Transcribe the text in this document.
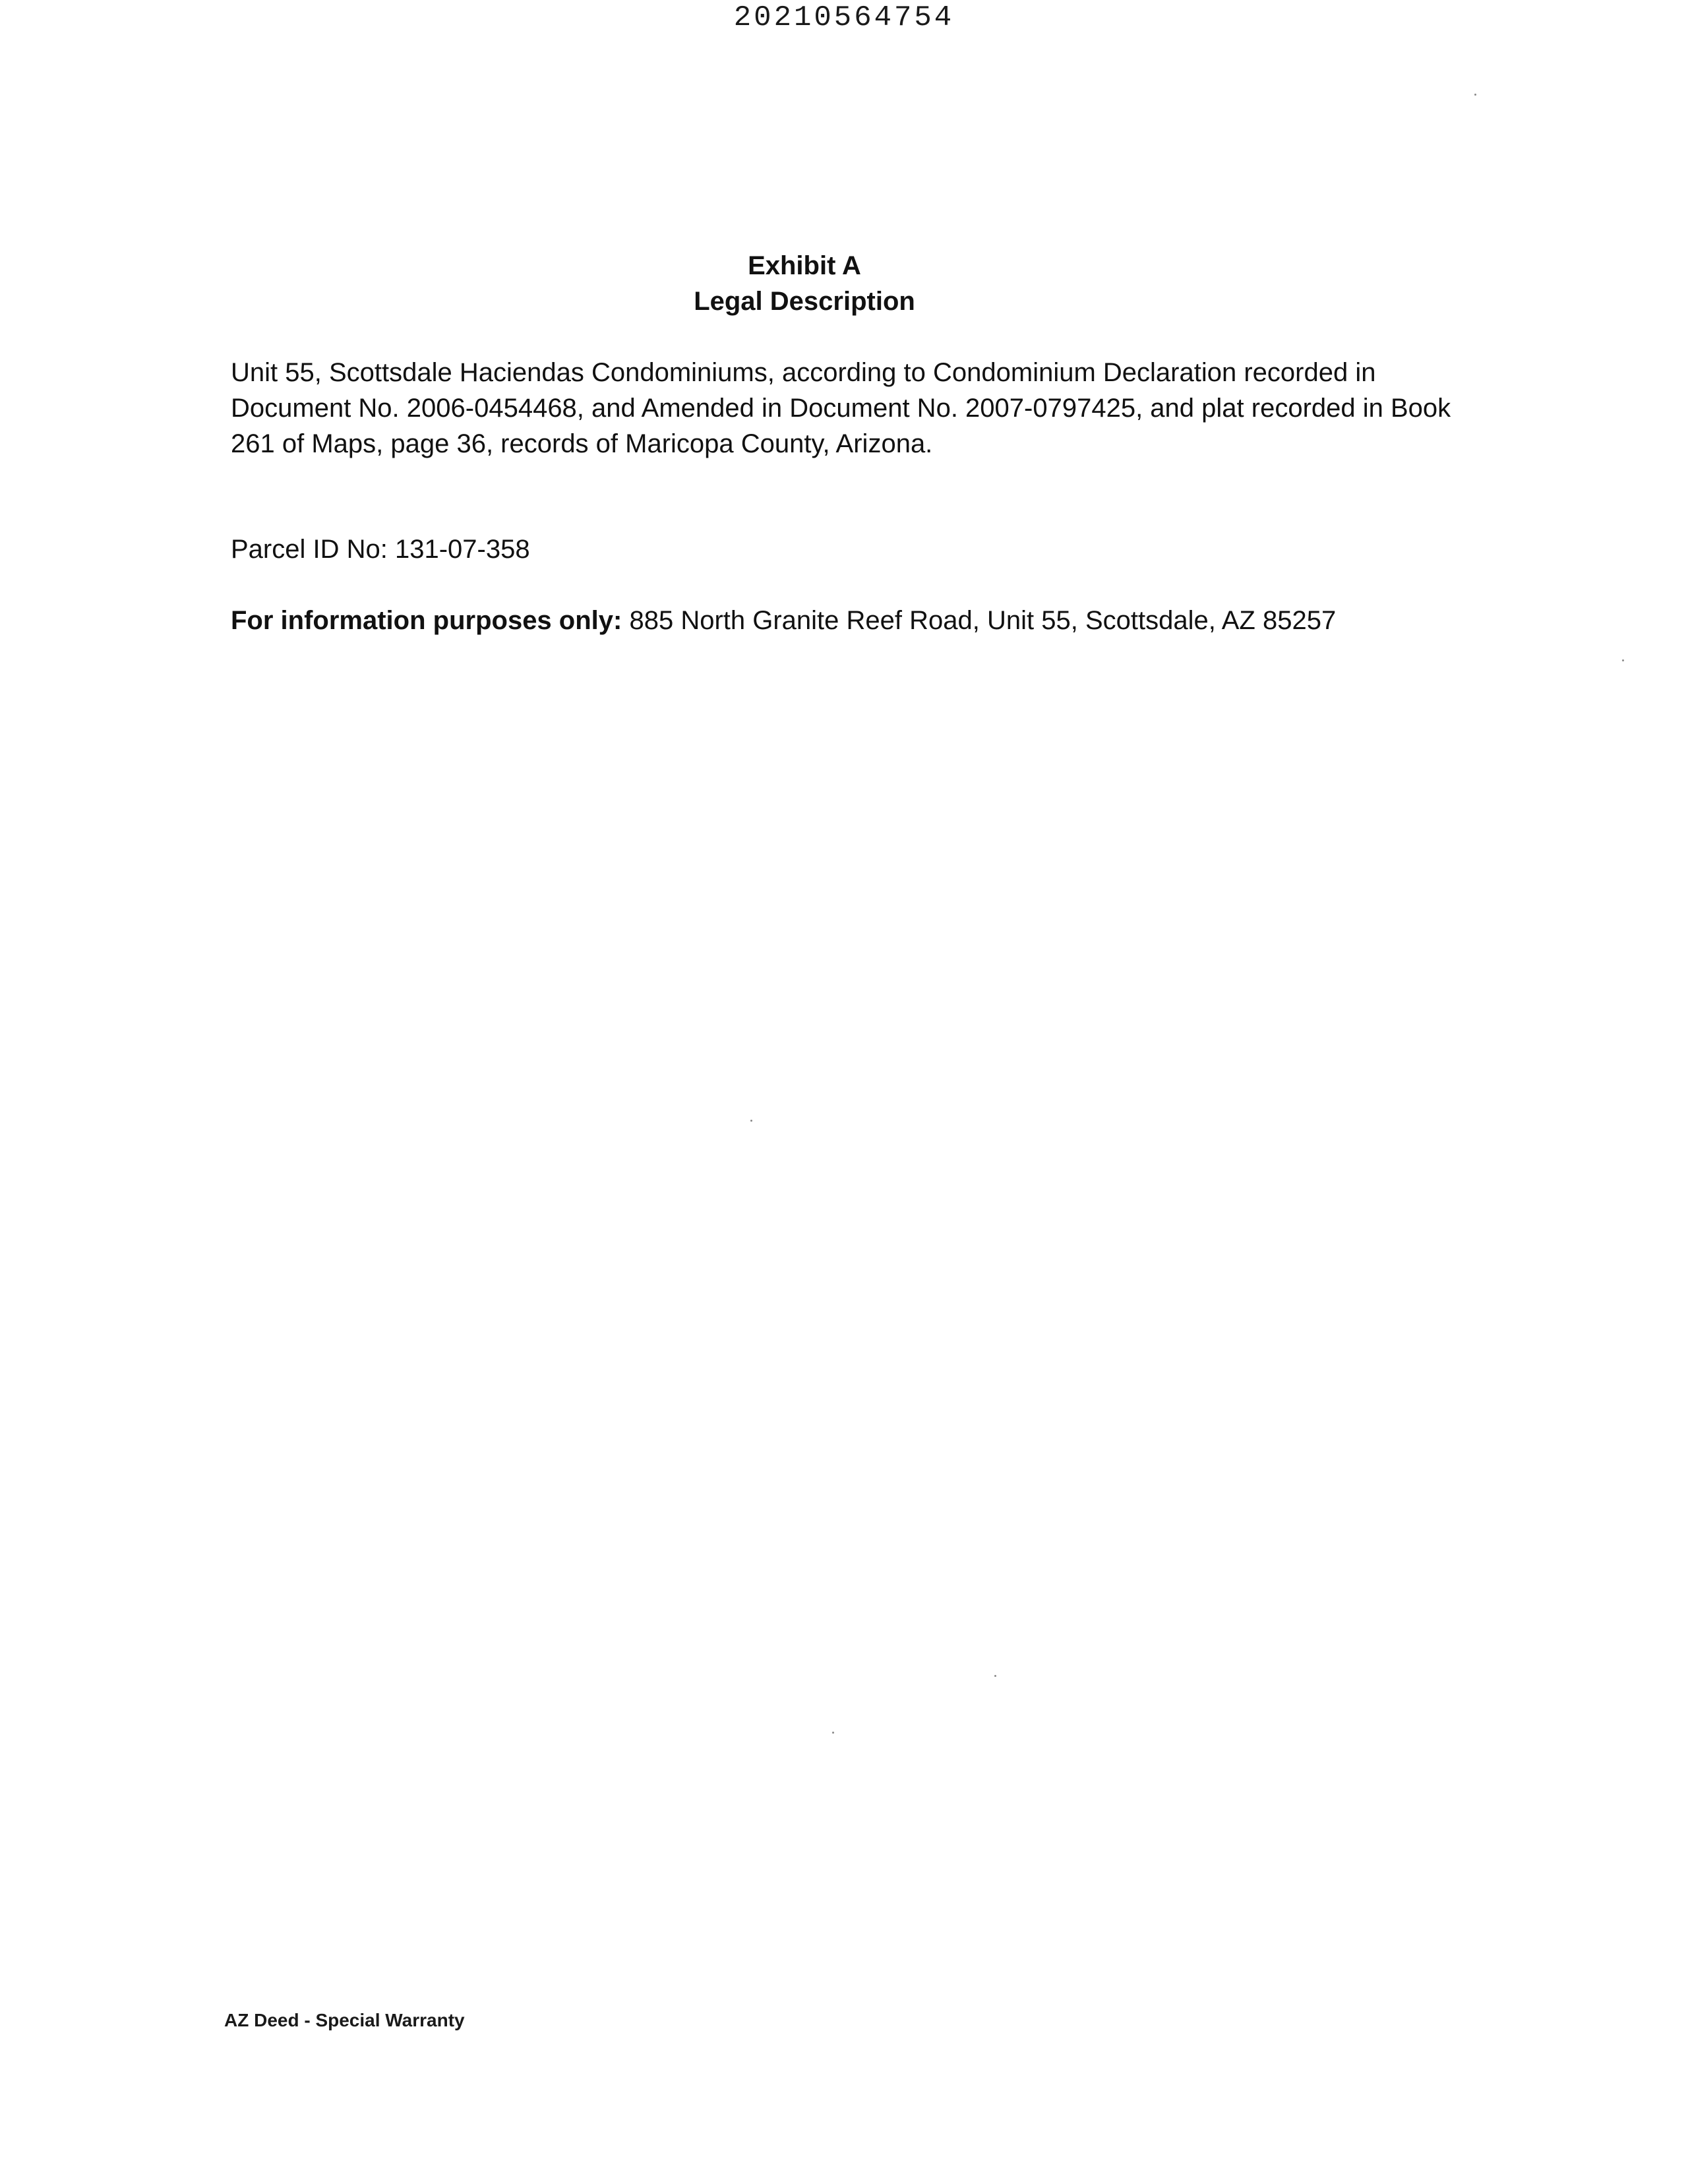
20210564754
Exhibit A
Legal Description
Unit 55, Scottsdale Haciendas Condominiums, according to Condominium Declaration recorded in Document No. 2006-0454468, and Amended in Document No. 2007-0797425, and plat recorded in Book 261 of Maps, page 36, records of Maricopa County, Arizona.
Parcel ID No: 131-07-358
For information purposes only: 885 North Granite Reef Road, Unit 55, Scottsdale, AZ 85257
AZ Deed - Special Warranty
